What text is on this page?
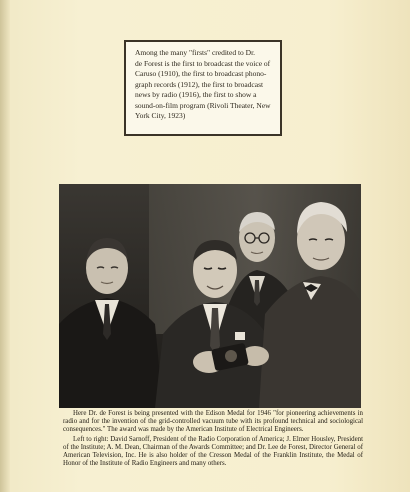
Among the many "firsts" credited to Dr.
de Forest is the first to broadcast the voice of
Caruso (1910), the first to broadcast phono-
graph records (1912), the first to broadcast
news by radio (1916), the first to show a
sound-on-film program (Rivoli Theater, New
York City, 1923)

Here Dr. de Forest is being presented with the Edison Medal for 1946 "for pioneering achievements in radio and for the invention of the grid-controlled vacuum tube with its profound technical and sociological consequences." The award was made by the American Institute of Electrical Engineers.

Left to right: David Sarnoff, President of the Radio Corporation of America; J. Elmer Housley, President of the Institute; A. M. Dean, Chairman of the Awards Committee; and Dr. Lee de Forest, Director General of American Television, Inc. He is also holder of the Cresson Medal of the Franklin Institute, the Medal of Honor of the Institute of Radio Engineers and many others.
